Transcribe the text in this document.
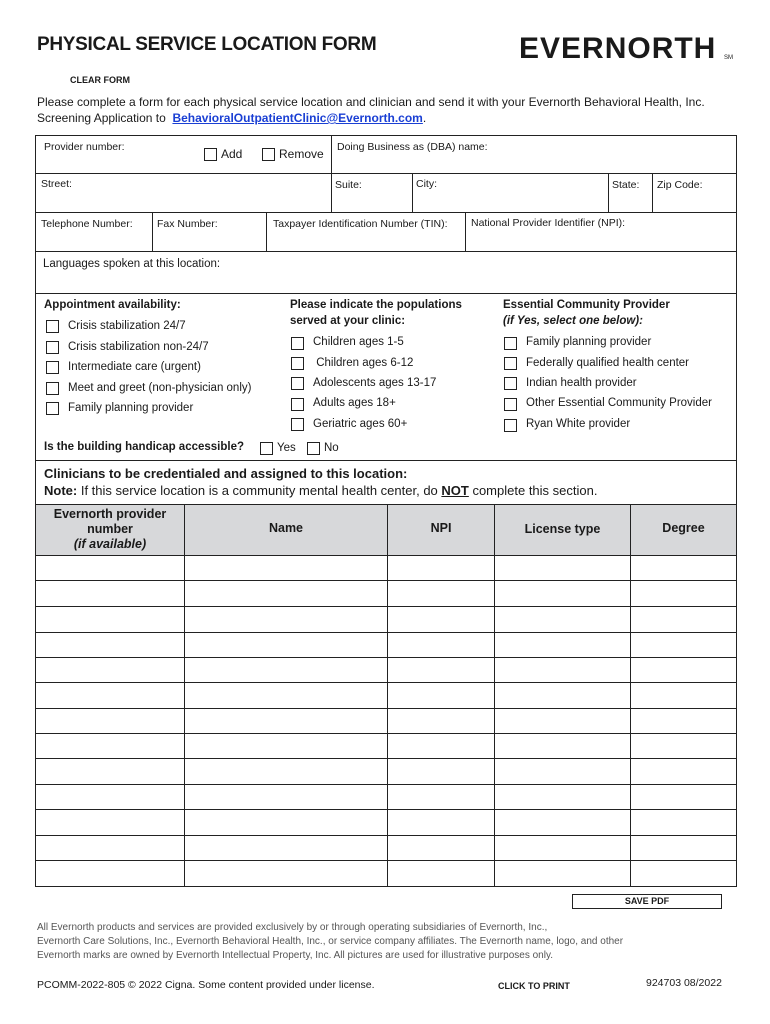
PHYSICAL SERVICE LOCATION FORM	EVERNORTH SM
CLEAR FORM
Please complete a form for each physical service location and clinician and send it with your Evernorth Behavioral Health, Inc.
Screening Application to BehavioralOutpatientClinic@Evernorth.com.
Provider number:	Add	Remove Doing Business as (DBA) name:
Street:	Suite:	City:	State: Zip Code:
Telephone Number: Fax Number:	Taxpayer Identification Number (TIN): National Provider Identifier (NPI):
Languages spoken at this location:
Appointment availability:
Crisis stabilization 24/7
Crisis stabilization non-24/7
Intermediate care (urgent)
Meet and greet (non-physician only)
Family planning provider
Please indicate the populations
served at your clinic:
Children ages 1-5
Children ages 6-12
Adolescents ages 13-17
Adults ages 18+
Geriatric ages 60+
Essential Community Provider
(if Yes, select one below):
Family planning provider
Federally qualified health center
Indian health provider
Other Essential Community Provider
Ryan White provider
Is the building handicap accessible?	Yes No
Clinicians to be credentialed and assigned to this location:
Note: If this service location is a community mental health center, do NOT complete this section.
Evernorth provider
number
(if available)
Name	NPI	License type	Degree
SAVE PDF
All Evernorth products and services are provided exclusively by or through operating subsidiaries of Evernorth, Inc.,
Evernorth Care Solutions, Inc., Evernorth Behavioral Health, Inc., or service company affiliates. The Evernorth name, logo, and other
Evernorth marks are owned by Evernorth Intellectual Property, Inc. All pictures are used for illustrative purposes only.
PCOMM-2022-805 © 2022 Cigna. Some content provided under license.	CLICK TO PRINT	924703 08/2022
